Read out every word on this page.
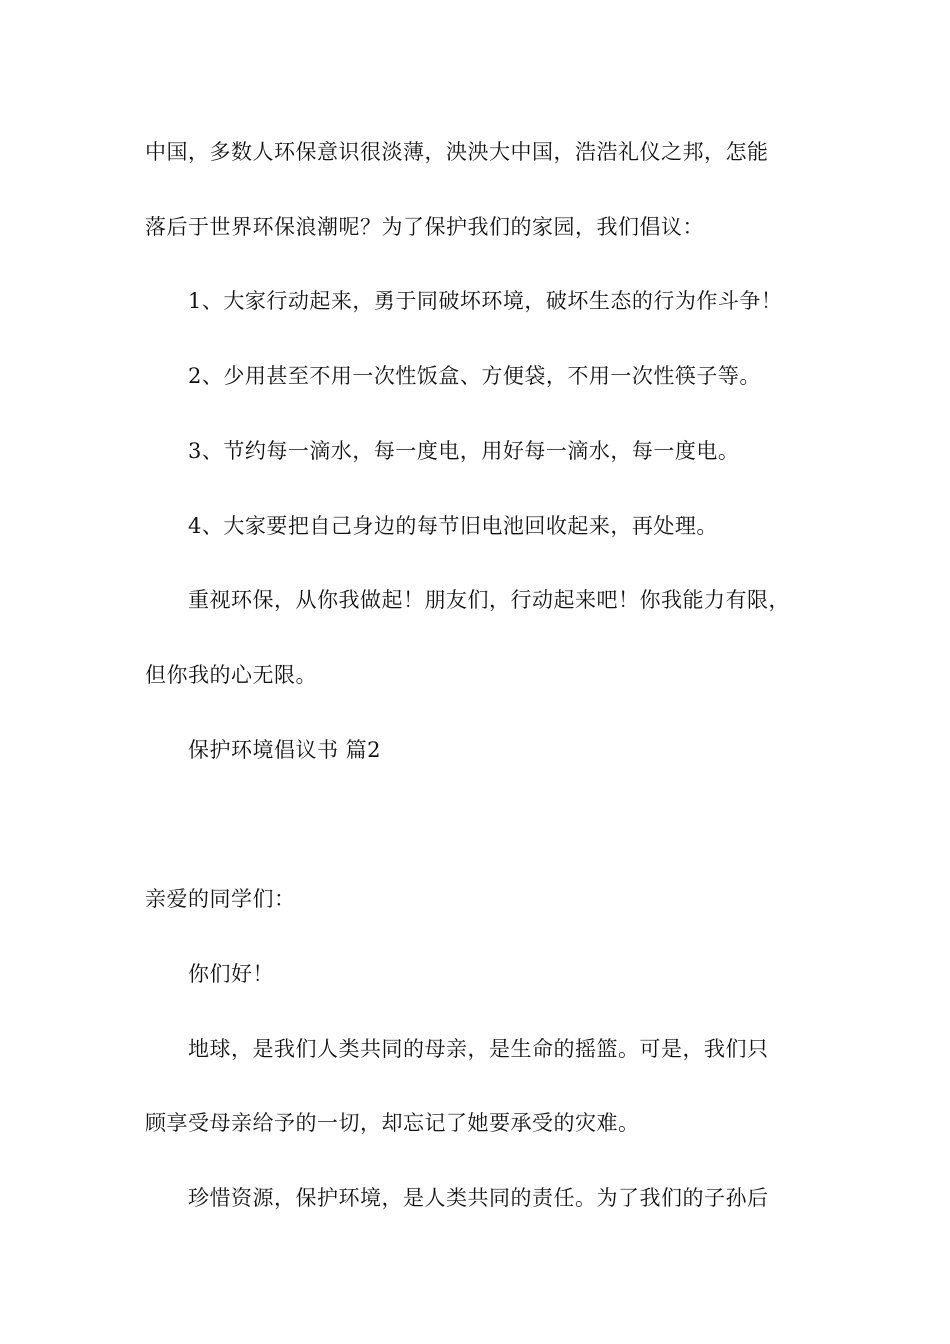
中国，多数人环保意识很淡薄，泱泱大中国，浩浩礼仪之邦，怎能
落后于世界环保浪潮呢？为了保护我们的家园，我们倡议：
1、大家行动起来，勇于同破坏环境，破坏生态的行为作斗争！
2、少用甚至不用一次性饭盒、方便袋，不用一次性筷子等。
3、节约每一滴水，每一度电，用好每一滴水，每一度电。
4、大家要把自己身边的每节旧电池回收起来，再处理。
重视环保，从你我做起！朋友们，行动起来吧！你我能力有限，
但你我的心无限。
保护环境倡议书 篇2
亲爱的同学们：
你们好！
地球，是我们人类共同的母亲，是生命的摇篮。可是，我们只
顾享受母亲给予的一切，却忘记了她要承受的灾难。
珍惜资源，保护环境，是人类共同的责任。为了我们的子孙后
